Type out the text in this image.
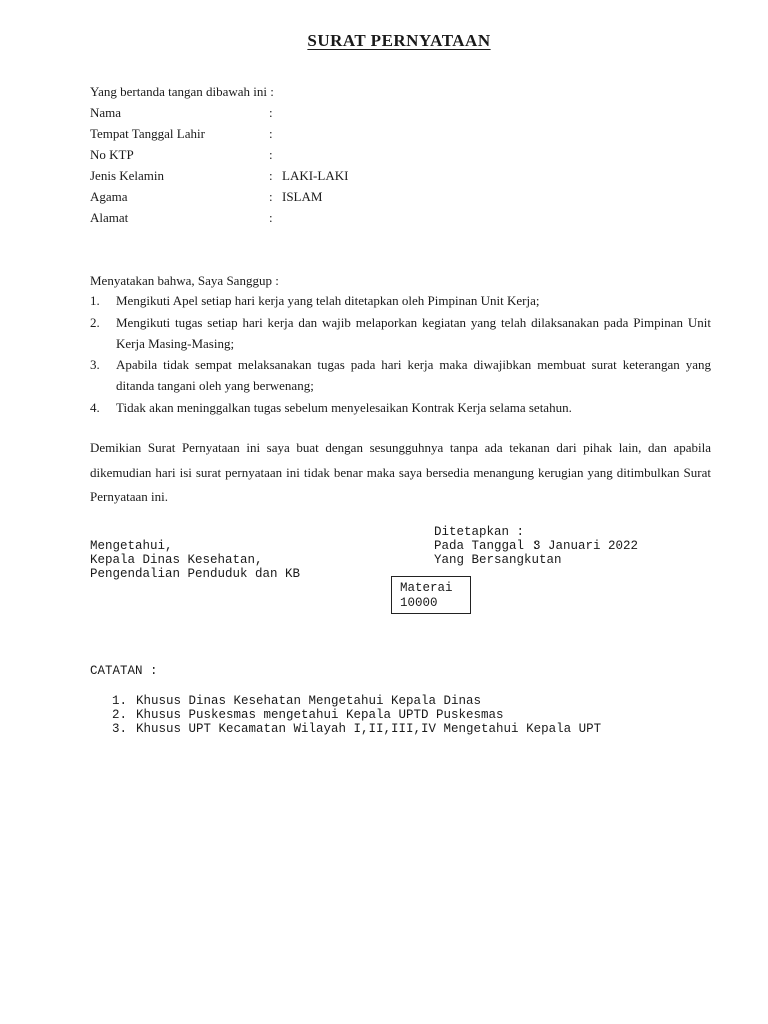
SURAT PERNYATAAN
Yang bertanda tangan dibawah ini :
Nama	:
Tempat Tanggal Lahir	:
No KTP	:
Jenis Kelamin	: LAKI-LAKI
Agama	: ISLAM
Alamat	:
Menyatakan bahwa, Saya Sanggup :
1. Mengikuti Apel setiap hari kerja yang telah ditetapkan oleh Pimpinan Unit Kerja;
2. Mengikuti tugas setiap hari kerja dan wajib melaporkan kegiatan yang telah dilaksanakan pada Pimpinan Unit Kerja Masing-Masing;
3. Apabila tidak sempat melaksanakan tugas pada hari kerja maka diwajibkan membuat surat keterangan yang ditanda tangani oleh yang berwenang;
4. Tidak akan meninggalkan tugas sebelum menyelesaikan Kontrak Kerja selama setahun.
Demikian Surat Pernyataan ini saya buat dengan sesungguhnya tanpa ada tekanan dari pihak lain, dan apabila dikemudian hari isi surat pernyataan ini tidak benar maka saya bersedia menangung kerugian yang ditimbulkan Surat Pernyataan ini.
Ditetapkan :
Pada Tanggal :
3 Januari 2022
Yang Bersangkutan
Mengetahui,
Kepala Dinas Kesehatan,
Pengendalian Penduduk dan KB
Materai
10000
CATATAN :
1. Khusus Dinas Kesehatan Mengetahui Kepala Dinas
2. Khusus Puskesmas mengetahui Kepala UPTD Puskesmas
3. Khusus UPT Kecamatan Wilayah I,II,III,IV Mengetahui Kepala UPT
